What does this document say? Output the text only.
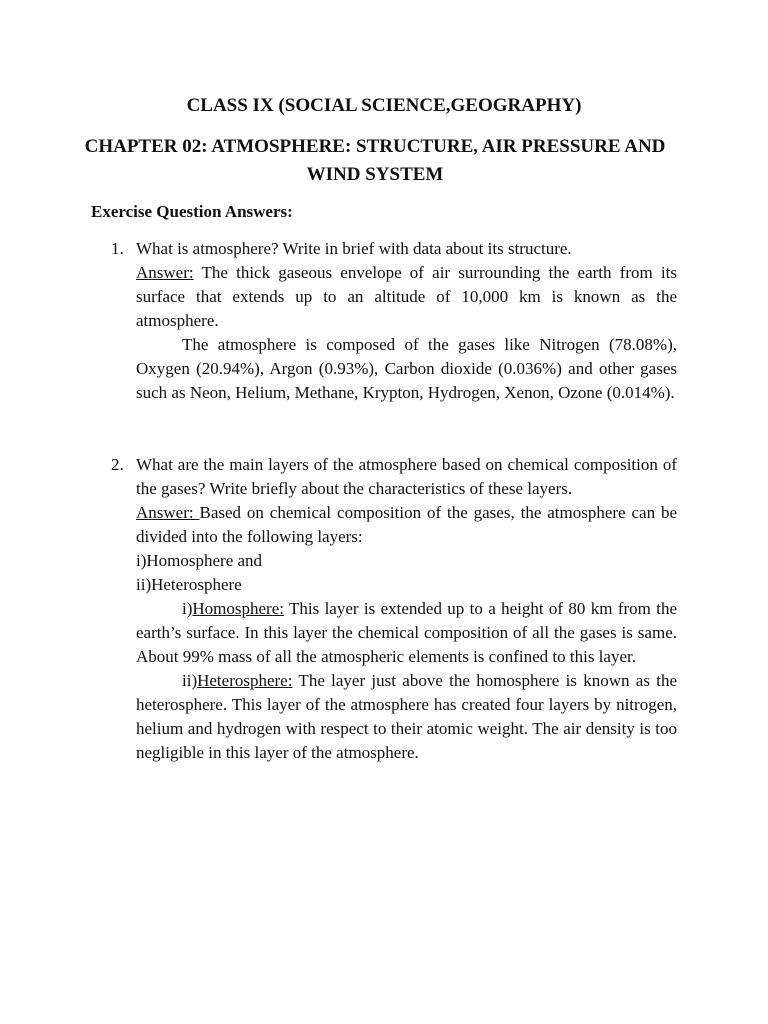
CLASS IX (SOCIAL SCIENCE,GEOGRAPHY)
CHAPTER 02: ATMOSPHERE: STRUCTURE, AIR PRESSURE AND WIND SYSTEM
Exercise Question Answers:
1. What is atmosphere? Write in brief with data about its structure.

Answer: The thick gaseous envelope of air surrounding the earth from its surface that extends up to an altitude of 10,000 km is known as the atmosphere.

The atmosphere is composed of the gases like Nitrogen (78.08%), Oxygen (20.94%), Argon (0.93%), Carbon dioxide (0.036%) and other gases such as Neon, Helium, Methane, Krypton, Hydrogen, Xenon, Ozone (0.014%).

2. What are the main layers of the atmosphere based on chemical composition of the gases? Write briefly about the characteristics of these layers.

Answer: Based on chemical composition of the gases, the atmosphere can be divided into the following layers:

i)Homosphere and

ii)Heterosphere

i)Homosphere: This layer is extended up to a height of 80 km from the earth’s surface. In this layer the chemical composition of all the gases is same. About 99% mass of all the atmospheric elements is confined to this layer.

ii)Heterosphere: The layer just above the homosphere is known as the heterosphere. This layer of the atmosphere has created four layers by nitrogen, helium and hydrogen with respect to their atomic weight. The air density is too negligible in this layer of the atmosphere.
